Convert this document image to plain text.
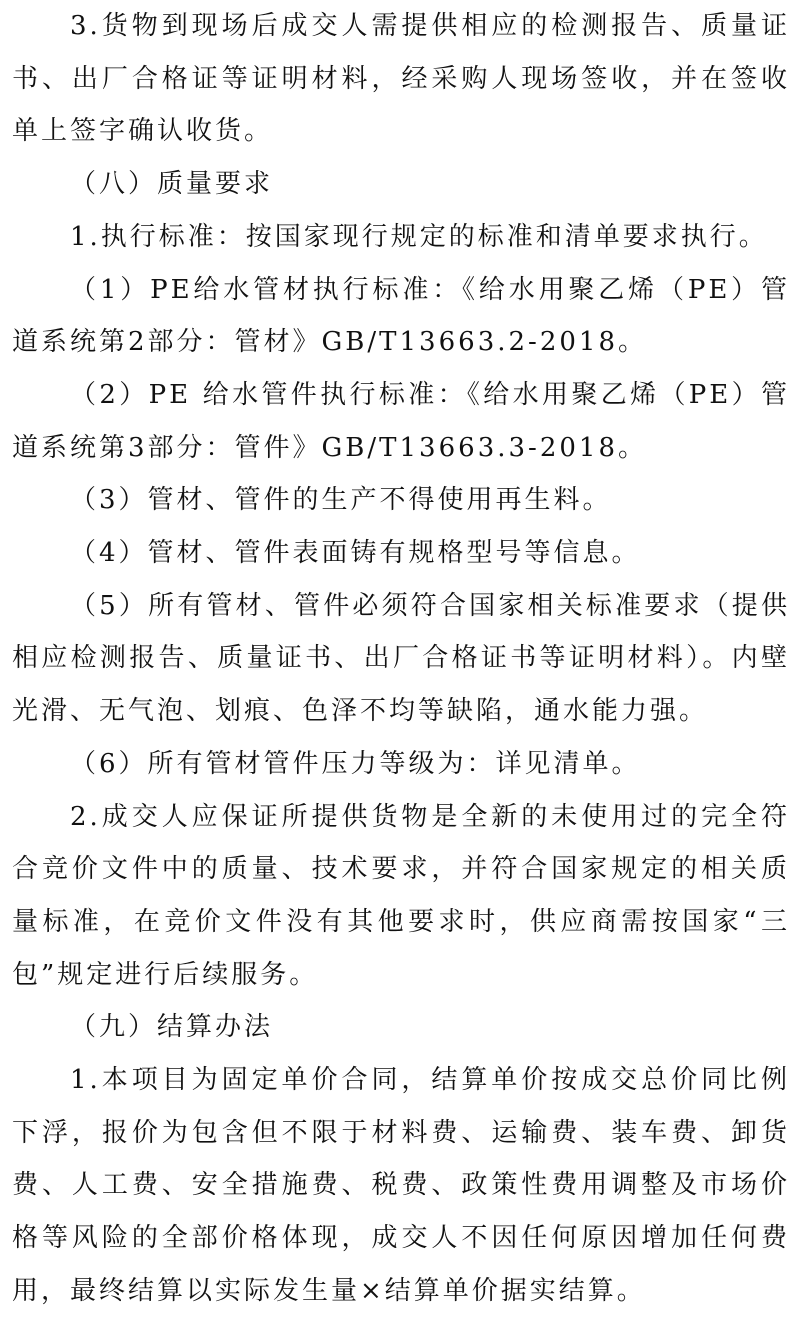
3.货物到现场后成交人需提供相应的检测报告、质量证书、出厂合格证等证明材料，经采购人现场签收，并在签收单上签字确认收货。

（八）质量要求

1.执行标准：按国家现行规定的标准和清单要求执行。

（1）PE给水管材执行标准：《给水用聚乙烯（PE）管道系统第2部分：管材》GB/T13663.2-2018。

（2）PE 给水管件执行标准：《给水用聚乙烯（PE）管道系统第3部分：管件》GB/T13663.3-2018。

（3）管材、管件的生产不得使用再生料。

（4）管材、管件表面铸有规格型号等信息。

（5）所有管材、管件必须符合国家相关标准要求（提供相应检测报告、质量证书、出厂合格证书等证明材料）。内壁光滑、无气泡、划痕、色泽不均等缺陷，通水能力强。

（6）所有管材管件压力等级为：详见清单。

2.成交人应保证所提供货物是全新的未使用过的完全符合竞价文件中的质量、技术要求，并符合国家规定的相关质量标准，在竞价文件没有其他要求时，供应商需按国家“三包”规定进行后续服务。

（九）结算办法

1.本项目为固定单价合同，结算单价按成交总价同比例下浮，报价为包含但不限于材料费、运输费、装车费、卸货费、人工费、安全措施费、税费、政策性费用调整及市场价格等风险的全部价格体现，成交人不因任何原因增加任何费用，最终结算以实际发生量×结算单价据实结算。
